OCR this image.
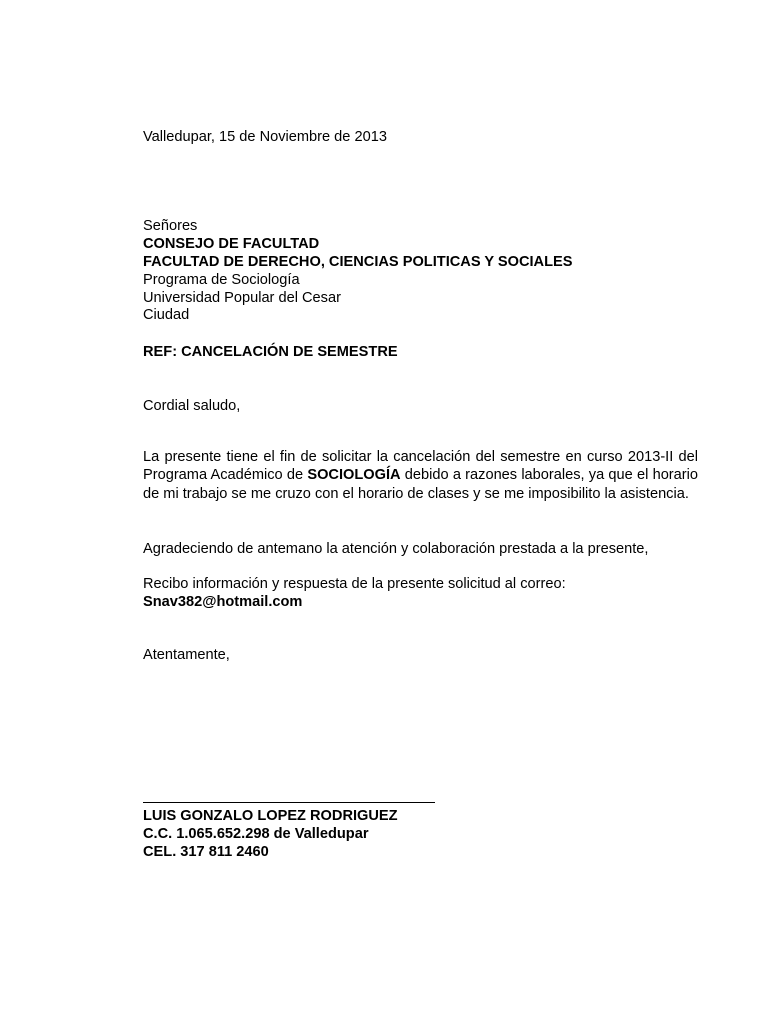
Valledupar, 15 de Noviembre de 2013
Señores
CONSEJO DE FACULTAD
FACULTAD DE DERECHO, CIENCIAS POLITICAS Y SOCIALES
Programa de Sociología
Universidad Popular del Cesar
Ciudad
REF: CANCELACIÓN DE SEMESTRE
Cordial saludo,
La presente tiene el fin de solicitar la cancelación del semestre en curso 2013-II del Programa Académico de SOCIOLOGÍA debido a razones laborales, ya que el horario de mi trabajo se me cruzo con el horario de clases y se me imposibilito la asistencia.
Agradeciendo de antemano la atención y colaboración prestada a la presente,
Recibo información y respuesta de la presente solicitud al correo:
Snav382@hotmail.com
Atentamente,
LUIS GONZALO LOPEZ RODRIGUEZ
C.C. 1.065.652.298 de Valledupar
CEL. 317 811 2460
